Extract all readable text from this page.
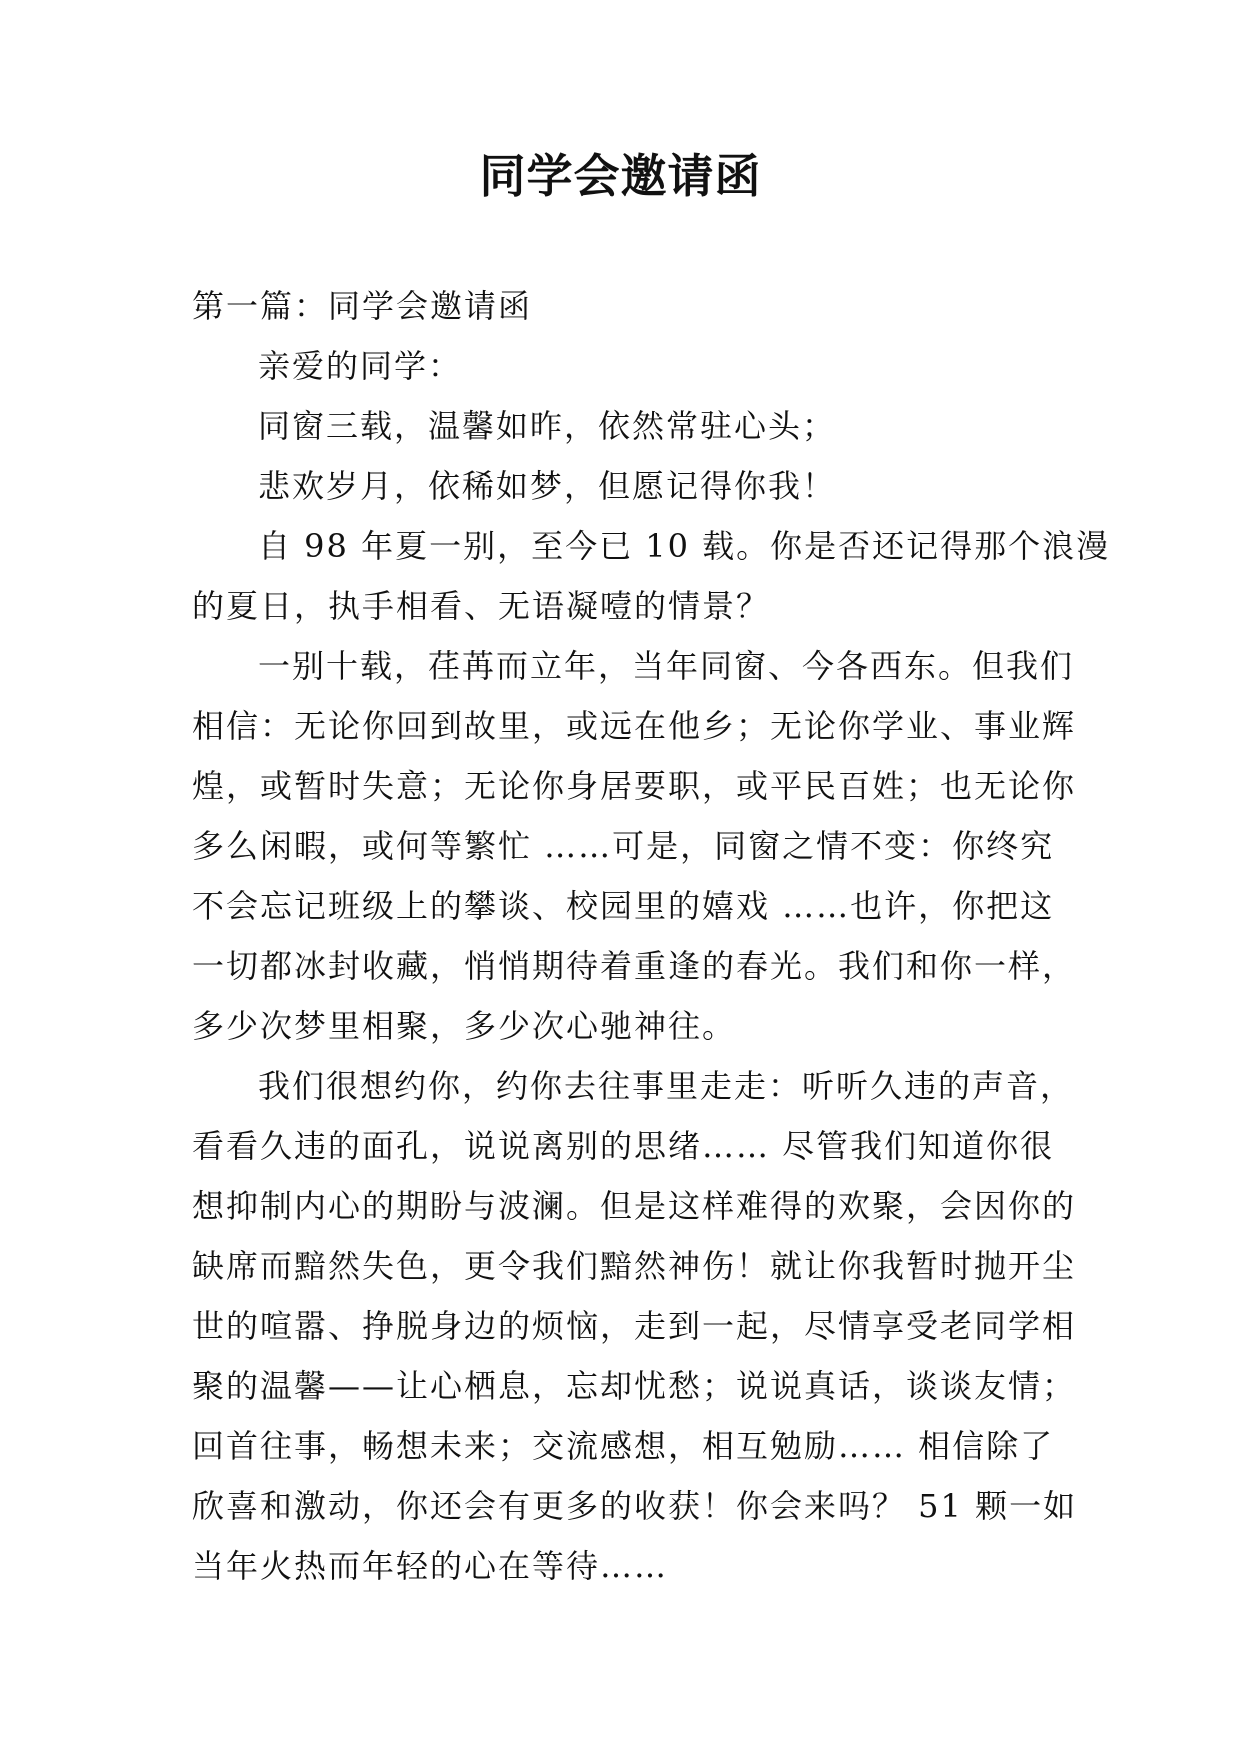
同学会邀请函
第一篇：同学会邀请函
亲爱的同学：
同窗三载，温馨如昨，依然常驻心头；
悲欢岁月，依稀如梦，但愿记得你我！
自 98 年夏一别，至今已 10 载。你是否还记得那个浪漫
的夏日，执手相看、无语凝噎的情景？
一别十载，荏苒而立年，当年同窗、今各西东。但我们
相信：无论你回到故里，或远在他乡；无论你学业、事业辉
煌，或暂时失意；无论你身居要职，或平民百姓；也无论你
多么闲暇，或何等繁忙 ……可是，同窗之情不变：你终究
不会忘记班级上的攀谈、校园里的嬉戏 ……也许，你把这
一切都冰封收藏，悄悄期待着重逢的春光。我们和你一样，
多少次梦里相聚，多少次心驰神往。
我们很想约你，约你去往事里走走：听听久违的声音，
看看久违的面孔，说说离别的思绪…… 尽管我们知道你很
想抑制内心的期盼与波澜。但是这样难得的欢聚，会因你的
缺席而黯然失色，更令我们黯然神伤！就让你我暂时抛开尘
世的喧嚣、挣脱身边的烦恼，走到一起，尽情享受老同学相
聚的温馨——让心栖息，忘却忧愁；说说真话，谈谈友情；
回首往事，畅想未来；交流感想，相互勉励…… 相信除了
欣喜和激动，你还会有更多的收获！你会来吗？ 51 颗一如
当年火热而年轻的心在等待……
